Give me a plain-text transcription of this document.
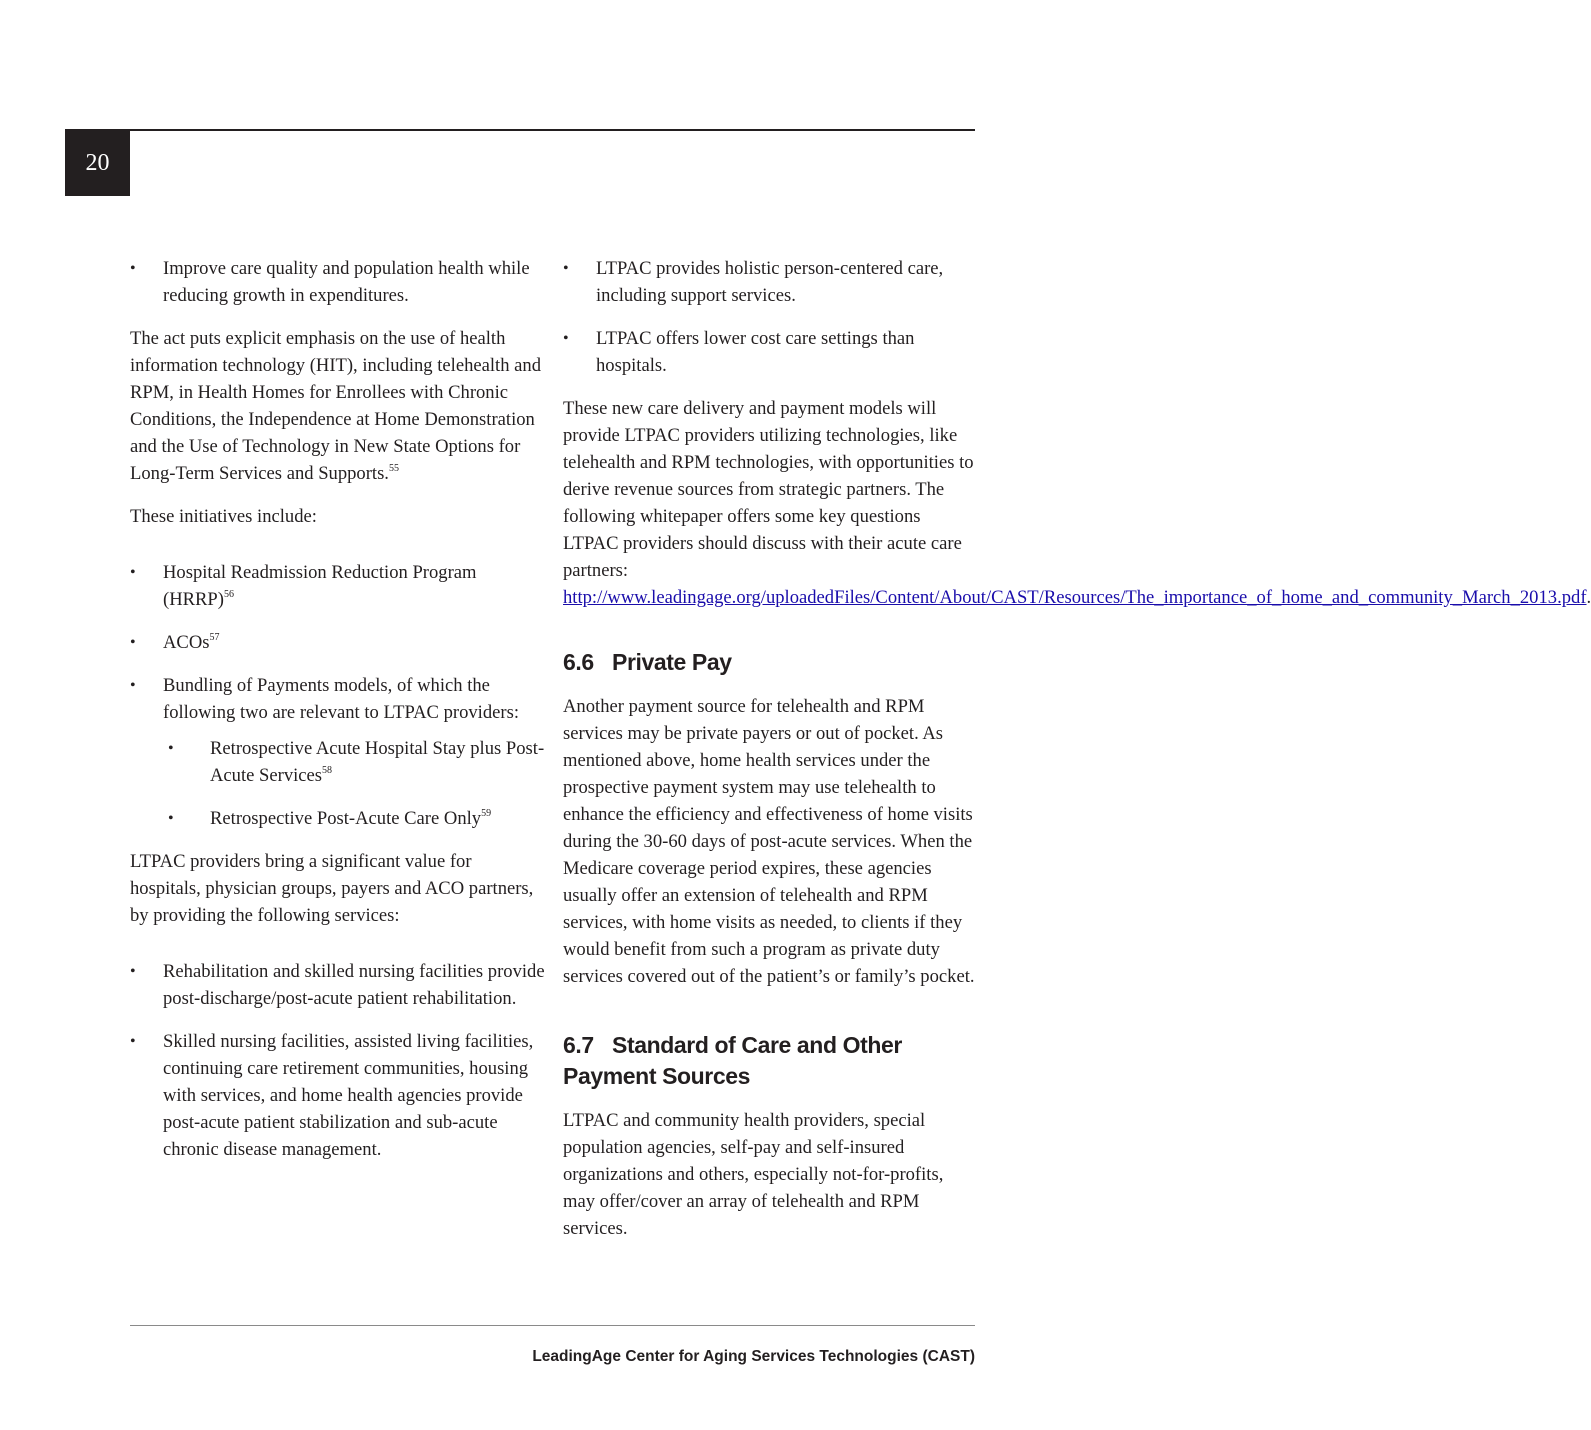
20
• Improve care quality and population health while reducing growth in expenditures.

The act puts explicit emphasis on the use of health information technology (HIT), including telehealth and RPM, in Health Homes for Enrollees with Chronic Conditions, the Independence at Home Demonstration and the Use of Technology in New State Options for Long-Term Services and Supports.$^{55}$

These initiatives include:

• Hospital Readmission Reduction Program (HRRP)$^{56}$
• ACOs$^{57}$
• Bundling of Payments models, of which the following two are relevant to LTPAC providers:
• Retrospective Acute Hospital Stay plus Post-Acute Services$^{58}$
• Retrospective Post-Acute Care Only$^{59}$

LTPAC providers bring a significant value for hospitals, physician groups, payers and ACO partners, by providing the following services:

• Rehabilitation and skilled nursing facilities provide post-discharge/post-acute patient rehabilitation.
• Skilled nursing facilities, assisted living facilities, continuing care retirement communities, housing with services, and home health agencies provide post-acute patient stabilization and sub-acute chronic disease management.
• LTPAC provides holistic person-centered care, including support services.
• LTPAC offers lower cost care settings than hospitals.

These new care delivery and payment models will provide LTPAC providers utilizing technologies, like telehealth and RPM technologies, with opportunities to derive revenue sources from strategic partners. The following whitepaper offers some key questions LTPAC providers should discuss with their acute care partners: http://www.leadingage.org/uploadedFiles/Content/About/CAST/Resources/The_importance_of_home_and_community_March_2013.pdf.

6.6 Private Pay

Another payment source for telehealth and RPM services may be private payers or out of pocket. As mentioned above, home health services under the prospective payment system may use telehealth to enhance the efficiency and effectiveness of home visits during the 30-60 days of post-acute services. When the Medicare coverage period expires, these agencies usually offer an extension of telehealth and RPM services, with home visits as needed, to clients if they would benefit from such a program as private duty services covered out of the patient’s or family’s pocket.

6.7 Standard of Care and Other Payment Sources

LTPAC and community health providers, special population agencies, self-pay and self-insured organizations and others, especially not-for-profits, may offer/cover an array of telehealth and RPM services.

LeadingAge Center for Aging Services Technologies (CAST)
